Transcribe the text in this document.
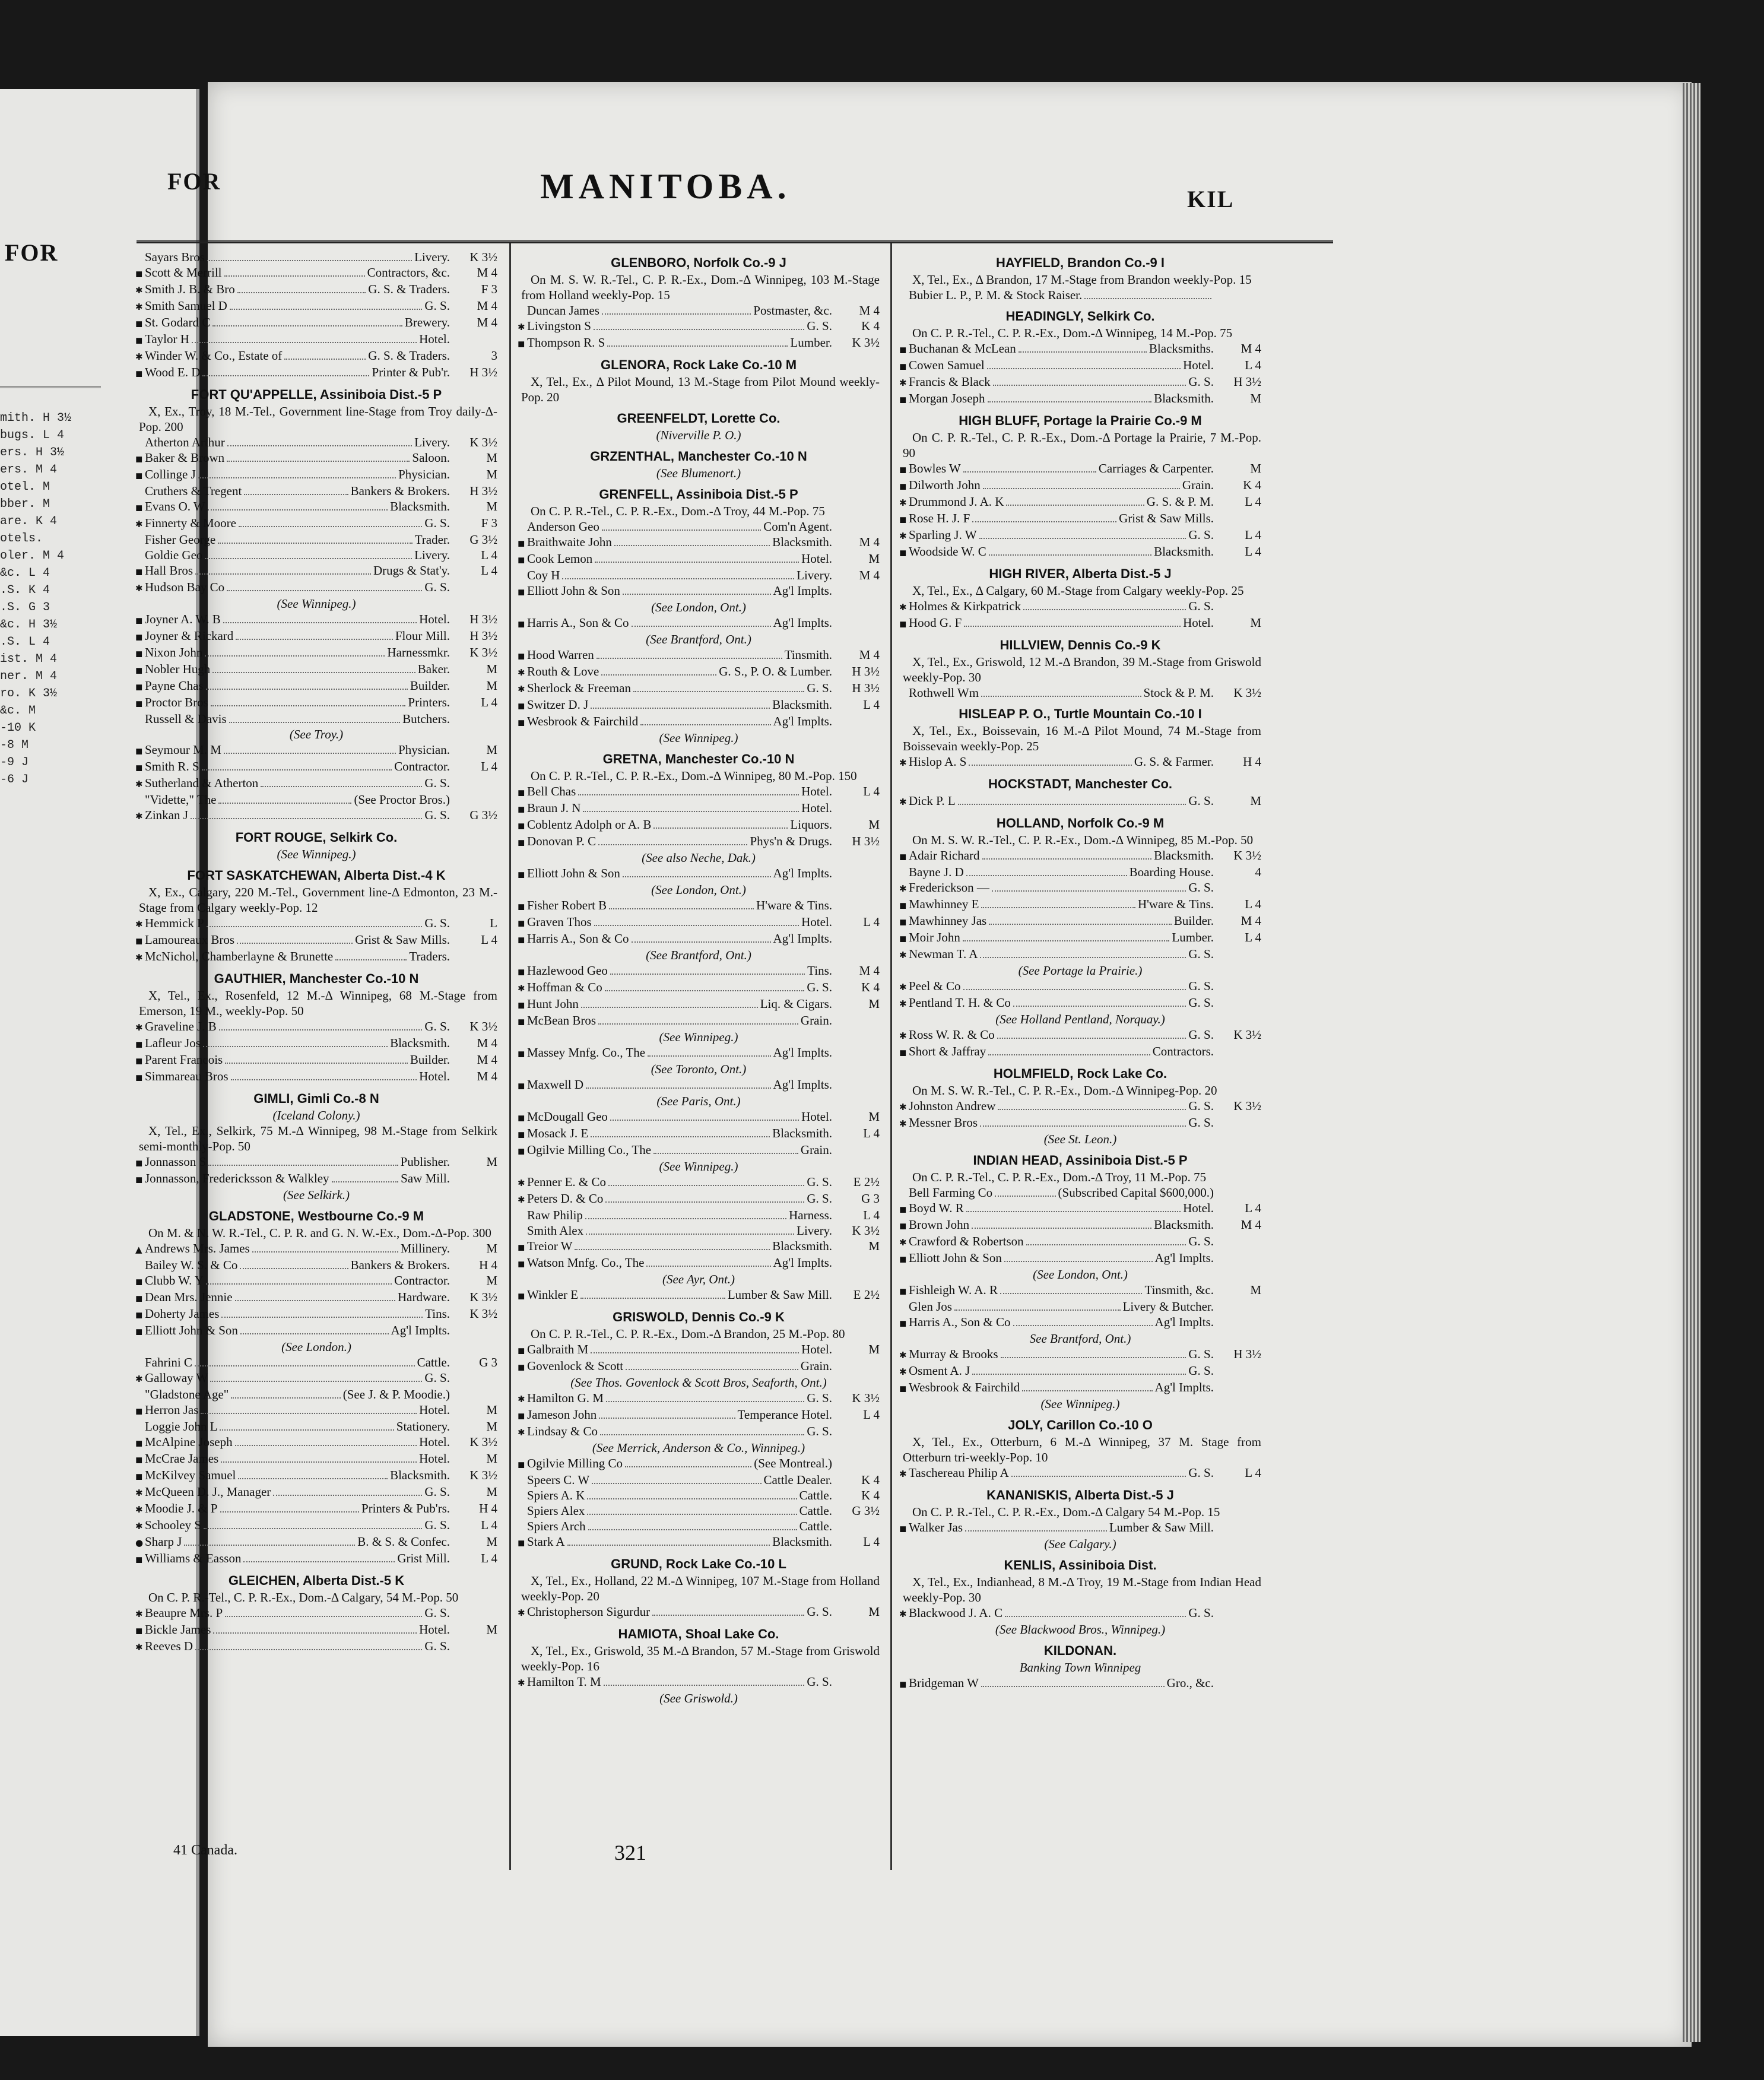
FOR
mith. H 3½
bugs. L 4
ers. H 3½
ers. M 4
otel. M
bber. M
are. K 4
otels.
oler. M 4
&c. L 4
.S. K 4
.S. G 3
&c. H 3½
.S. L 4
ist. M 4
ner. M 4
ro. K 3½
&c. M
-10 K
-8 M
-9 J
-6 J
FOR	MANITOBA.	KIL
Sayars Bros	Livery.	K 3½
◼ Scott & Merrill	Contractors, &c.	M 4
✱ Smith J. B. & Bro	G. S. & Traders.	F 3
✱ Smith Samuel D	G. S.	M 4
◼ St. Godard C	Brewery.	M 4
◼ Taylor H	Hotel.
✱ Winder W. & Co., Estate of	G. S. & Traders.	3
◼ Wood E. D	Printer & Pub'r.	H 3½
FORT QU'APPELLE, Assiniboia Dist.-5 P
X, Ex., Troy, 18 M.-Tel., Government line-Stage from Troy daily-Δ-Pop. 200
Atherton Arthur	Livery.	K 3½
◼ Baker & Brown	Saloon.	M
◼ Collinge J	Physician.	M
Cruthers & Tregent	Bankers & Brokers.	H 3½
◼ Evans O. W	Blacksmith.	M
✱ Finnerty & Moore	G. S.	F 3
Fisher George	Trader.	G 3½
Goldie Geo	Livery.	L 4
◼ Hall Bros	Drugs & Stat'y.	L 4
✱ Hudson Bay Co	G. S.
(See Winnipeg.)
◼ Joyner A. W. B	Hotel.	H 3½
◼ Joyner & Rickard	Flour Mill.	H 3½
◼ Nixon John	Harnessmkr.	K 3½
◼ Nobler Hugh	Baker.	M
◼ Payne Chas	Builder.	M
◼ Proctor Bros	Printers.	L 4
Russell & Davis	Butchers.
(See Troy.)
◼ Seymour M. M	Physician.	M
◼ Smith R. S	Contractor.	L 4
✱ Sutherland & Atherton	G. S.
"Vidette," The	(See Proctor Bros.)
✱ Zinkan J	G. S.	G 3½
FORT ROUGE, Selkirk Co.
(See Winnipeg.)
FORT SASKATCHEWAN, Alberta Dist.-4 K
X, Ex., Calgary, 220 M.-Tel., Government line-Δ Edmonton, 23 M.-Stage from Calgary weekly-Pop. 12
✱ Hemmick P	G. S.	L
◼ Lamoureaux Bros	Grist & Saw Mills.	L 4
✱ McNichol, Chamberlayne & Brunette	Traders.
GAUTHIER, Manchester Co.-10 N
X, Tel., Ex., Rosenfeld, 12 M.-Δ Winnipeg, 68 M.-Stage from Emerson, 19 M., weekly-Pop. 50
✱ Graveline J. B	G. S.	K 3½
◼ Lafleur Jos	Blacksmith.	M 4
◼ Parent Francois	Builder.	M 4
◼ Simmareau Bros	Hotel.	M 4
GIMLI, Gimli Co.-8 N
(Iceland Colony.)
X, Tel., Ex., Selkirk, 75 M.-Δ Winnipeg, 98 M.-Stage from Selkirk semi-monthly-Pop. 50
◼ Jonnasson S	Publisher.	M
◼ Jonnasson, Fredericksson & Walkley	Saw Mill.
(See Selkirk.)
GLADSTONE, Westbourne Co.-9 M
On M. & N. W. R.-Tel., C. P. R. and G. N. W.-Ex., Dom.-Δ-Pop. 300
▲ Andrews Mrs. James	Millinery.	M
Bailey W. S. & Co	Bankers & Brokers.	H 4
◼ Clubb W. Y	Contractor.	M
◼ Dean Mrs. Jennie	Hardware.	K 3½
◼ Doherty James	Tins.	K 3½
◼ Elliott John & Son	Ag'l Implts.
(See London.)
Fahrini C	Cattle.	G 3
✱ Galloway W	G. S.
"Gladstone Age"	(See J. & P. Moodie.)
◼ Herron Jas	Hotel.	M
Loggie John L	Stationery.	M
◼ McAlpine Joseph	Hotel.	K 3½
◼ McCrae James	Hotel.	M
◼ McKilvey Samuel	Blacksmith.	K 3½
✱ McQueen D. J., Manager	G. S.	M
✱ Moodie J. & P	Printers & Pub'rs.	H 4
✱ Schooley S	G. S.	L 4
● Sharp J	B. & S. & Confec.	M
◼ Williams & Easson	Grist Mill.	L 4
GLEICHEN, Alberta Dist.-5 K
On C. P. R.-Tel., C. P. R.-Ex., Dom.-Δ Calgary, 54 M.-Pop. 50
✱ Beaupre Mrs. P	G. S.
◼ Bickle James	Hotel.	M
✱ Reeves D	G. S.
GLENBORO, Norfolk Co.-9 J
On M. S. W. R.-Tel., C. P. R.-Ex., Dom.-Δ Winnipeg, 103 M.-Stage from Holland weekly-Pop. 15
Duncan James	Postmaster, &c.	M 4
✱ Livingston S	G. S.	K 4
◼ Thompson R. S	Lumber.	K 3½
GLENORA, Rock Lake Co.-10 M
X, Tel., Ex., Δ Pilot Mound, 13 M.-Stage from Pilot Mound weekly-Pop. 20
GREENFELDT, Lorette Co.
(Niverville P. O.)
GRZENTHAL, Manchester Co.-10 N
(See Blumenort.)
GRENFELL, Assiniboia Dist.-5 P
On C. P. R.-Tel., C. P. R.-Ex., Dom.-Δ Troy, 44 M.-Pop. 75
Anderson Geo	Com'n Agent.
◼ Braithwaite John	Blacksmith.	M 4
◼ Cook Lemon	Hotel.	M
Coy H	Livery.	M 4
◼ Elliott John & Son	Ag'l Implts.
(See London, Ont.)
◼ Harris A., Son & Co	Ag'l Implts.
(See Brantford, Ont.)
◼ Hood Warren	Tinsmith.	M 4
✱ Routh & Love	G. S., P. O. & Lumber.	H 3½
✱ Sherlock & Freeman	G. S.	H 3½
◼ Switzer D. J	Blacksmith.	L 4
◼ Wesbrook & Fairchild	Ag'l Implts.
(See Winnipeg.)
GRETNA, Manchester Co.-10 N
On C. P. R.-Tel., C. P. R.-Ex., Dom.-Δ Winnipeg, 80 M.-Pop. 150
◼ Bell Chas	Hotel.	L 4
◼ Braun J. N	Hotel.
◼ Coblentz Adolph or A. B	Liquors.	M
◼ Donovan P. C	Phys'n & Drugs.	H 3½
(See also Neche, Dak.)
◼ Elliott John & Son	Ag'l Implts.
(See London, Ont.)
◼ Fisher Robert B	H'ware & Tins.
◼ Graven Thos	Hotel.	L 4
◼ Harris A., Son & Co	Ag'l Implts.
(See Brantford, Ont.)
◼ Hazlewood Geo	Tins.	M 4
✱ Hoffman & Co	G. S.	K 4
◼ Hunt John	Liq. & Cigars.	M
◼ McBean Bros	Grain.
(See Winnipeg.)
◼ Massey Mnfg. Co., The	Ag'l Implts.
(See Toronto, Ont.)
◼ Maxwell D	Ag'l Implts.
(See Paris, Ont.)
◼ McDougall Geo	Hotel.	M
◼ Mosack J. E	Blacksmith.	L 4
◼ Ogilvie Milling Co., The	Grain.
(See Winnipeg.)
✱ Penner E. & Co	G. S.	E 2½
✱ Peters D. & Co	G. S.	G 3
Raw Philip	Harness.	L 4
Smith Alex	Livery.	K 3½
◼ Treior W	Blacksmith.	M
◼ Watson Mnfg. Co., The	Ag'l Implts.
(See Ayr, Ont.)
◼ Winkler E	Lumber & Saw Mill.	E 2½
GRISWOLD, Dennis Co.-9 K
On C. P. R.-Tel., C. P. R.-Ex., Dom.-Δ Brandon, 25 M.-Pop. 80
◼ Galbraith M	Hotel.	M
◼ Govenlock & Scott	Grain.
(See Thos. Govenlock & Scott Bros, Seaforth, Ont.)
✱ Hamilton G. M	G. S.	K 3½
◼ Jameson John	Temperance Hotel.	L 4
✱ Lindsay & Co	G. S.
(See Merrick, Anderson & Co., Winnipeg.)
◼ Ogilvie Milling Co	(See Montreal.)
Speers C. W	Cattle Dealer.	K 4
Spiers A. K	Cattle.	K 4
Spiers Alex	Cattle.	G 3½
Spiers Arch	Cattle.
◼ Stark A	Blacksmith.	L 4
GRUND, Rock Lake Co.-10 L
X, Tel., Ex., Holland, 22 M.-Δ Winnipeg, 107 M.-Stage from Holland weekly-Pop. 20
✱ Christopherson Sigurdur	G. S.	M
HAMIOTA, Shoal Lake Co.
X, Tel., Ex., Griswold, 35 M.-Δ Brandon, 57 M.-Stage from Griswold weekly-Pop. 16
✱ Hamilton T. M	G. S.
(See Griswold.)
HAYFIELD, Brandon Co.-9 I
X, Tel., Ex., Δ Brandon, 17 M.-Stage from Brandon weekly-Pop. 15
Bubier L. P., P. M. & Stock Raiser.
HEADINGLY, Selkirk Co.
On C. P. R.-Tel., C. P. R.-Ex., Dom.-Δ Winnipeg, 14 M.-Pop. 75
◼ Buchanan & McLean	Blacksmiths.	M 4
◼ Cowen Samuel	Hotel.	L 4
✱ Francis & Black	G. S.	H 3½
◼ Morgan Joseph	Blacksmith.	M
HIGH BLUFF, Portage la Prairie Co.-9 M
On C. P. R.-Tel., C. P. R.-Ex., Dom.-Δ Portage la Prairie, 7 M.-Pop. 90
◼ Bowles W	Carriages & Carpenter.	M
◼ Dilworth John	Grain.	K 4
✱ Drummond J. A. K	G. S. & P. M.	L 4
◼ Rose H. J. F	Grist & Saw Mills.
✱ Sparling J. W	G. S.	L 4
◼ Woodside W. C	Blacksmith.	L 4
HIGH RIVER, Alberta Dist.-5 J
X, Tel., Ex., Δ Calgary, 60 M.-Stage from Calgary weekly-Pop. 25
✱ Holmes & Kirkpatrick	G. S.
◼ Hood G. F	Hotel.	M
HILLVIEW, Dennis Co.-9 K
X, Tel., Ex., Griswold, 12 M.-Δ Brandon, 39 M.-Stage from Griswold weekly-Pop. 30
Rothwell Wm	Stock & P. M.	K 3½
HISLEAP P. O., Turtle Mountain Co.-10 I
X, Tel., Ex., Boissevain, 16 M.-Δ Pilot Mound, 74 M.-Stage from Boissevain weekly-Pop. 25
✱ Hislop A. S	G. S. & Farmer.	H 4
HOCKSTADT, Manchester Co.
✱ Dick P. L	G. S.	M
HOLLAND, Norfolk Co.-9 M
On M. S. W. R.-Tel., C. P. R.-Ex., Dom.-Δ Winnipeg, 85 M.-Pop. 50
◼ Adair Richard	Blacksmith.	K 3½
Bayne J. D	Boarding House.	4
✱ Frederickson —	G. S.
◼ Mawhinney E	H'ware & Tins.	L 4
◼ Mawhinney Jas	Builder.	M 4
◼ Moir John	Lumber.	L 4
✱ Newman T. A	G. S.
(See Portage la Prairie.)
✱ Peel & Co	G. S.
✱ Pentland T. H. & Co	G. S.
(See Holland Pentland, Norquay.)
✱ Ross W. R. & Co	G. S.	K 3½
◼ Short & Jaffray	Contractors.
HOLMFIELD, Rock Lake Co.
On M. S. W. R.-Tel., C. P. R.-Ex., Dom.-Δ Winnipeg-Pop. 20
✱ Johnston Andrew	G. S.	K 3½
✱ Messner Bros	G. S.
(See St. Leon.)
INDIAN HEAD, Assiniboia Dist.-5 P
On C. P. R.-Tel., C. P. R.-Ex., Dom.-Δ Troy, 11 M.-Pop. 75
Bell Farming Co	(Subscribed Capital $600,000.)
◼ Boyd W. R	Hotel.	L 4
◼ Brown John	Blacksmith.	M 4
✱ Crawford & Robertson	G. S.
◼ Elliott John & Son	Ag'l Implts.
(See London, Ont.)
◼ Fishleigh W. A. R	Tinsmith, &c.	M
Glen Jos	Livery & Butcher.
◼ Harris A., Son & Co	Ag'l Implts.
See Brantford, Ont.)
✱ Murray & Brooks	G. S.	H 3½
✱ Osment A. J	G. S.
◼ Wesbrook & Fairchild	Ag'l Implts.
(See Winnipeg.)
JOLY, Carillon Co.-10 O
X, Tel., Ex., Otterburn, 6 M.-Δ Winnipeg, 37 M. Stage from Otterburn tri-weekly-Pop. 10
✱ Taschereau Philip A	G. S.	L 4
KANANISKIS, Alberta Dist.-5 J
On C. P. R.-Tel., C. P. R.-Ex., Dom.-Δ Calgary 54 M.-Pop. 15
◼ Walker Jas	Lumber & Saw Mill.
(See Calgary.)
KENLIS, Assiniboia Dist.
X, Tel., Ex., Indianhead, 8 M.-Δ Troy, 19 M.-Stage from Indian Head weekly-Pop. 30
✱ Blackwood J. A. C	G. S.
(See Blackwood Bros., Winnipeg.)
KILDONAN.
Banking Town Winnipeg
◼ Bridgeman W	Gro., &c.
41 Canada.	321
